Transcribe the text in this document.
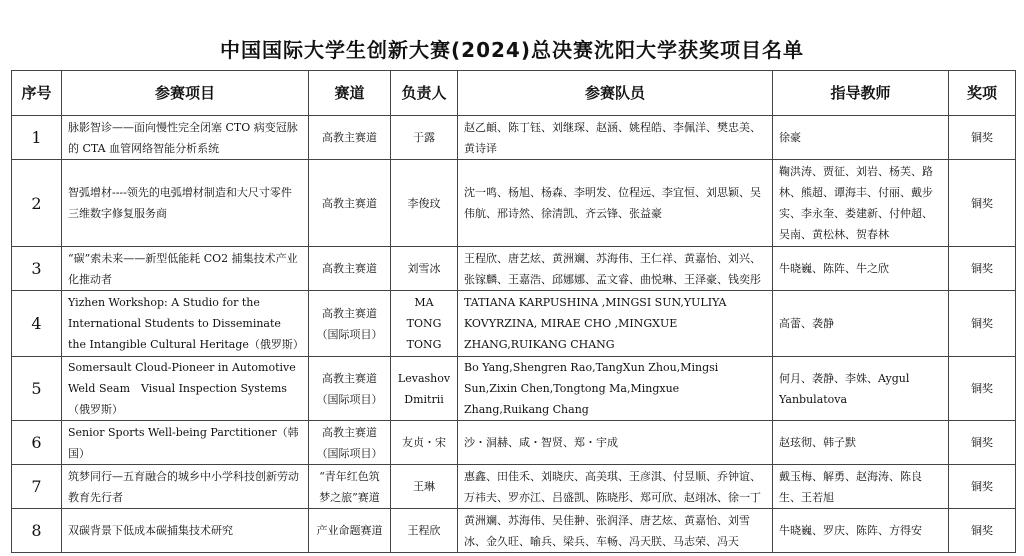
中国国际大学生创新大赛(2024)总决赛沈阳大学获奖项目名单
序号	参赛项目	赛道	负责人	参赛队员	指导教师	奖项
1	脉影智诊——面向慢性完全闭塞 CTO 病变冠脉的 CTA 血管网络智能分析系统	高教主赛道	于露	赵乙頔、陈丁钰、刘继琛、赵涵、姚程皓、李佩洋、樊忠美、黄诗译	徐豪	铜奖
2	智弧增材----领先的电弧增材制造和大尺寸零件三维数字修复服务商	高教主赛道	李俊玟	沈一鸣、杨旭、杨森、李明发、位程远、李宜恒、刘思颖、吴伟航、邢诗然、徐清凯、齐云锋、张益豪	鞠洪涛、贾征、刘岩、杨芙、路林、熊超、谭海丰、付丽、戴步实、李永奎、娄建新、付仲超、吴南、黄松林、贺春林	铜奖
3	“碳”索未来——新型低能耗 CO2 捕集技术产业化推动者	高教主赛道	刘雪冰	王程欣、唐艺炫、黄洲斓、苏海伟、王仁祥、黄嘉怡、刘兴、张镓麟、王嘉浩、邱娜娜、孟文睿、曲悦琳、王泽豪、钱奕彤	牛晓巍、陈阵、牛之欣	铜奖
4	Yizhen Workshop: A Studio for the International Students to Disseminate the Intangible Cultural Heritage（俄罗斯）	高教主赛道（国际项目）	MA TONG TONG	TATIANA KARPUSHINA ,MINGSI SUN,YULIYA KOVYRZINA, MIRAE CHO ,MINGXUE ZHANG,RUIKANG CHANG	高蕾、袭静	铜奖
5	Somersault Cloud-Pioneer in Automotive Weld Seam　Visual Inspection Systems（俄罗斯）	高教主赛道（国际项目）	Levashov Dmitrii	Bo Yang,Shengren Rao,TangXun Zhou,Mingsi Sun,Zixin Chen,Tongtong Ma,Mingxue Zhang,Ruikang Chang	何月、袭静、李姝、Aygul Yanbulatova	铜奖
6	Senior Sports Well-being Parctitioner（韩国）	高教主赛道（国际项目）	友贞・宋	沙・洞赫、咸・智贤、郑・宇成	赵玹彻、韩子默	铜奖
7	筑梦同行—五育融合的城乡中小学科技创新劳动教育先行者	“青年红色筑梦之旅”赛道	王琳	惠鑫、田佳禾、刘晓庆、高美琪、王彦淇、付昱顺、乔钟谊、万祎夫、罗亦江、吕盛凯、陈晓彤、郑可欣、赵翊冰、徐一丁	戴玉梅、解勇、赵海涛、陈良生、王若旭	铜奖
8	双碳背景下低成本碳捕集技术研究	产业命题赛道	王程欣	黄洲斓、苏海伟、吴佳翀、张润泽、唐艺炫、黄嘉怡、刘雪冰、金久旺、喻兵、梁兵、车畅、冯天朕、马志荣、冯天	牛晓巍、罗庆、陈阵、方得安	铜奖
